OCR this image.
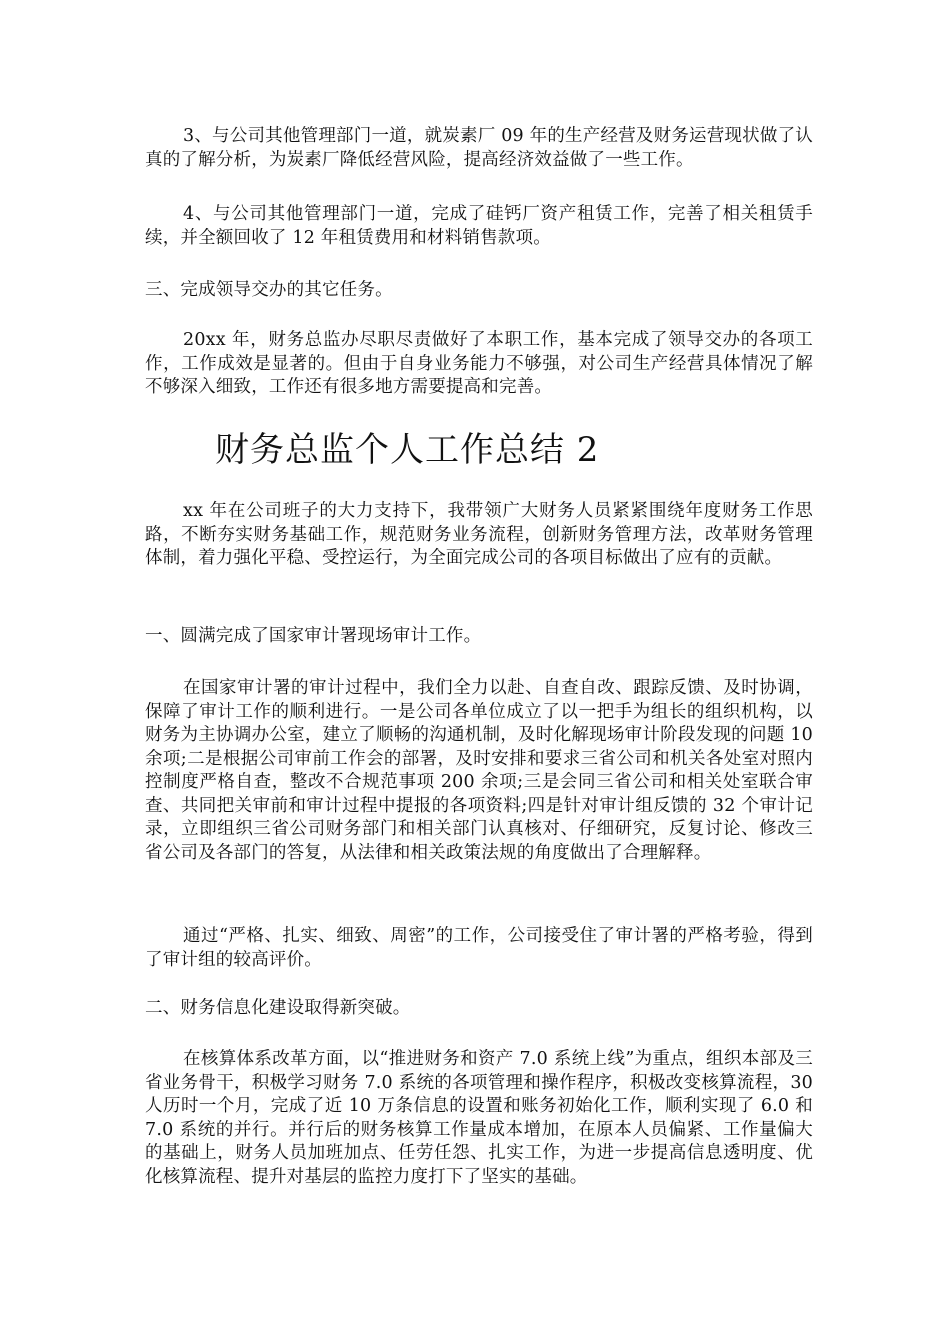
3、与公司其他管理部门一道，就炭素厂 09 年的生产经营及财务运营现状做了认真的了解分析，为炭素厂降低经营风险，提高经济效益做了一些工作。

4、与公司其他管理部门一道，完成了硅钙厂资产租赁工作，完善了相关租赁手续，并全额回收了 12 年租赁费用和材料销售款项。

三、完成领导交办的其它任务。

20xx 年，财务总监办尽职尽责做好了本职工作，基本完成了领导交办的各项工作，工作成效是显著的。但由于自身业务能力不够强，对公司生产经营具体情况了解不够深入细致，工作还有很多地方需要提高和完善。

财务总监个人工作总结 2

xx 年在公司班子的大力支持下，我带领广大财务人员紧紧围绕年度财务工作思路，不断夯实财务基础工作，规范财务业务流程，创新财务管理方法，改革财务管理体制，着力强化平稳、受控运行，为全面完成公司的各项目标做出了应有的贡献。

一、圆满完成了国家审计署现场审计工作。

在国家审计署的审计过程中，我们全力以赴、自查自改、跟踪反馈、及时协调，保障了审计工作的顺利进行。一是公司各单位成立了以一把手为组长的组织机构，以财务为主协调办公室，建立了顺畅的沟通机制，及时化解现场审计阶段发现的问题 10 余项;二是根据公司审前工作会的部署，及时安排和要求三省公司和机关各处室对照内控制度严格自查，整改不合规范事项 200 余项;三是会同三省公司和相关处室联合审查、共同把关审前和审计过程中提报的各项资料;四是针对审计组反馈的 32 个审计记录，立即组织三省公司财务部门和相关部门认真核对、仔细研究，反复讨论、修改三省公司及各部门的答复，从法律和相关政策法规的角度做出了合理解释。

通过“严格、扎实、细致、周密”的工作，公司接受住了审计署的严格考验，得到了审计组的较高评价。

二、财务信息化建设取得新突破。

在核算体系改革方面，以“推进财务和资产 7.0 系统上线”为重点，组织本部及三省业务骨干，积极学习财务 7.0 系统的各项管理和操作程序，积极改变核算流程，30 人历时一个月，完成了近 10 万条信息的设置和账务初始化工作，顺利实现了 6.0 和 7.0 系统的并行。并行后的财务核算工作量成本增加，在原本人员偏紧、工作量偏大的基础上，财务人员加班加点、任劳任怨、扎实工作，为进一步提高信息透明度、优化核算流程、提升对基层的监控力度打下了坚实的基础。
